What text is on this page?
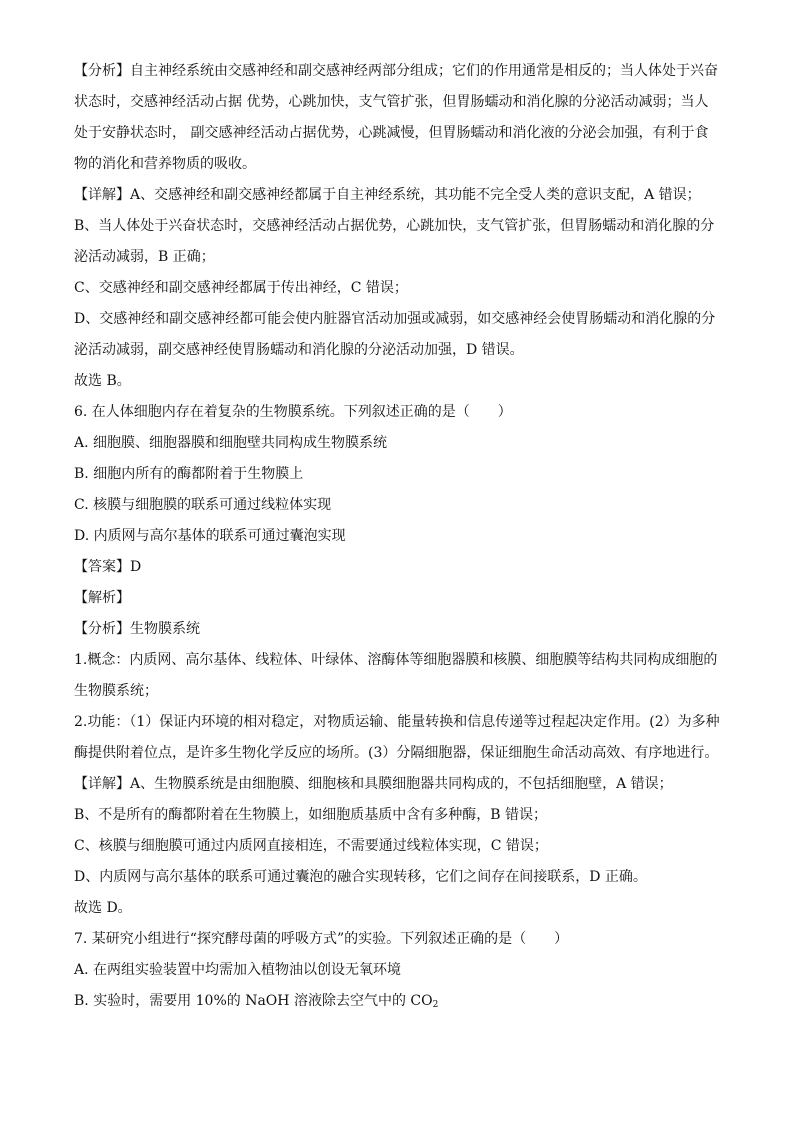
【分析】自主神经系统由交感神经和副交感神经两部分组成；它们的作用通常是相反的；当人体处于兴奋
状态时，交感神经活动占据 优势，心跳加快，支气管扩张，但胃肠蠕动和消化腺的分泌活动减弱；当人
处于安静状态时， 副交感神经活动占据优势，心跳减慢，但胃肠蠕动和消化液的分泌会加强，有利于食
物的消化和营养物质的吸收。
【详解】A、交感神经和副交感神经都属于自主神经系统，其功能不完全受人类的意识支配，A 错误；
B、当人体处于兴奋状态时，交感神经活动占据优势，心跳加快，支气管扩张，但胃肠蠕动和消化腺的分
泌活动减弱，B 正确；
C、交感神经和副交感神经都属于传出神经，C 错误；
D、交感神经和副交感神经都可能会使内脏器官活动加强或减弱，如交感神经会使胃肠蠕动和消化腺的分
泌活动减弱，副交感神经使胃肠蠕动和消化腺的分泌活动加强，D 错误。
故选 B。
6. 在人体细胞内存在着复杂的生物膜系统。下列叙述正确的是（　　）
A. 细胞膜、细胞器膜和细胞壁共同构成生物膜系统
B. 细胞内所有的酶都附着于生物膜上
C. 核膜与细胞膜的联系可通过线粒体实现
D. 内质网与高尔基体的联系可通过囊泡实现
【答案】D
【解析】
【分析】生物膜系统
1.概念：内质网、高尔基体、线粒体、叶绿体、溶酶体等细胞器膜和核膜、细胞膜等结构共同构成细胞的
生物膜系统；
2.功能：（1）保证内环境的相对稳定，对物质运输、能量转换和信息传递等过程起决定作用。(2）为多种
酶提供附着位点，是许多生物化学反应的场所。(3）分隔细胞器，保证细胞生命活动高效、有序地进行。
【详解】A、生物膜系统是由细胞膜、细胞核和具膜细胞器共同构成的，不包括细胞壁，A 错误；
B、不是所有的酶都附着在生物膜上，如细胞质基质中含有多种酶，B 错误；
C、核膜与细胞膜可通过内质网直接相连，不需要通过线粒体实现，C 错误；
D、内质网与高尔基体的联系可通过囊泡的融合实现转移，它们之间存在间接联系，D 正确。
故选 D。
7. 某研究小组进行“探究酵母菌的呼吸方式”的实验。下列叙述正确的是（　　）
A. 在两组实验装置中均需加入植物油以创设无氧环境
B. 实验时，需要用 10%的 NaOH 溶液除去空气中的 $CO_2$
